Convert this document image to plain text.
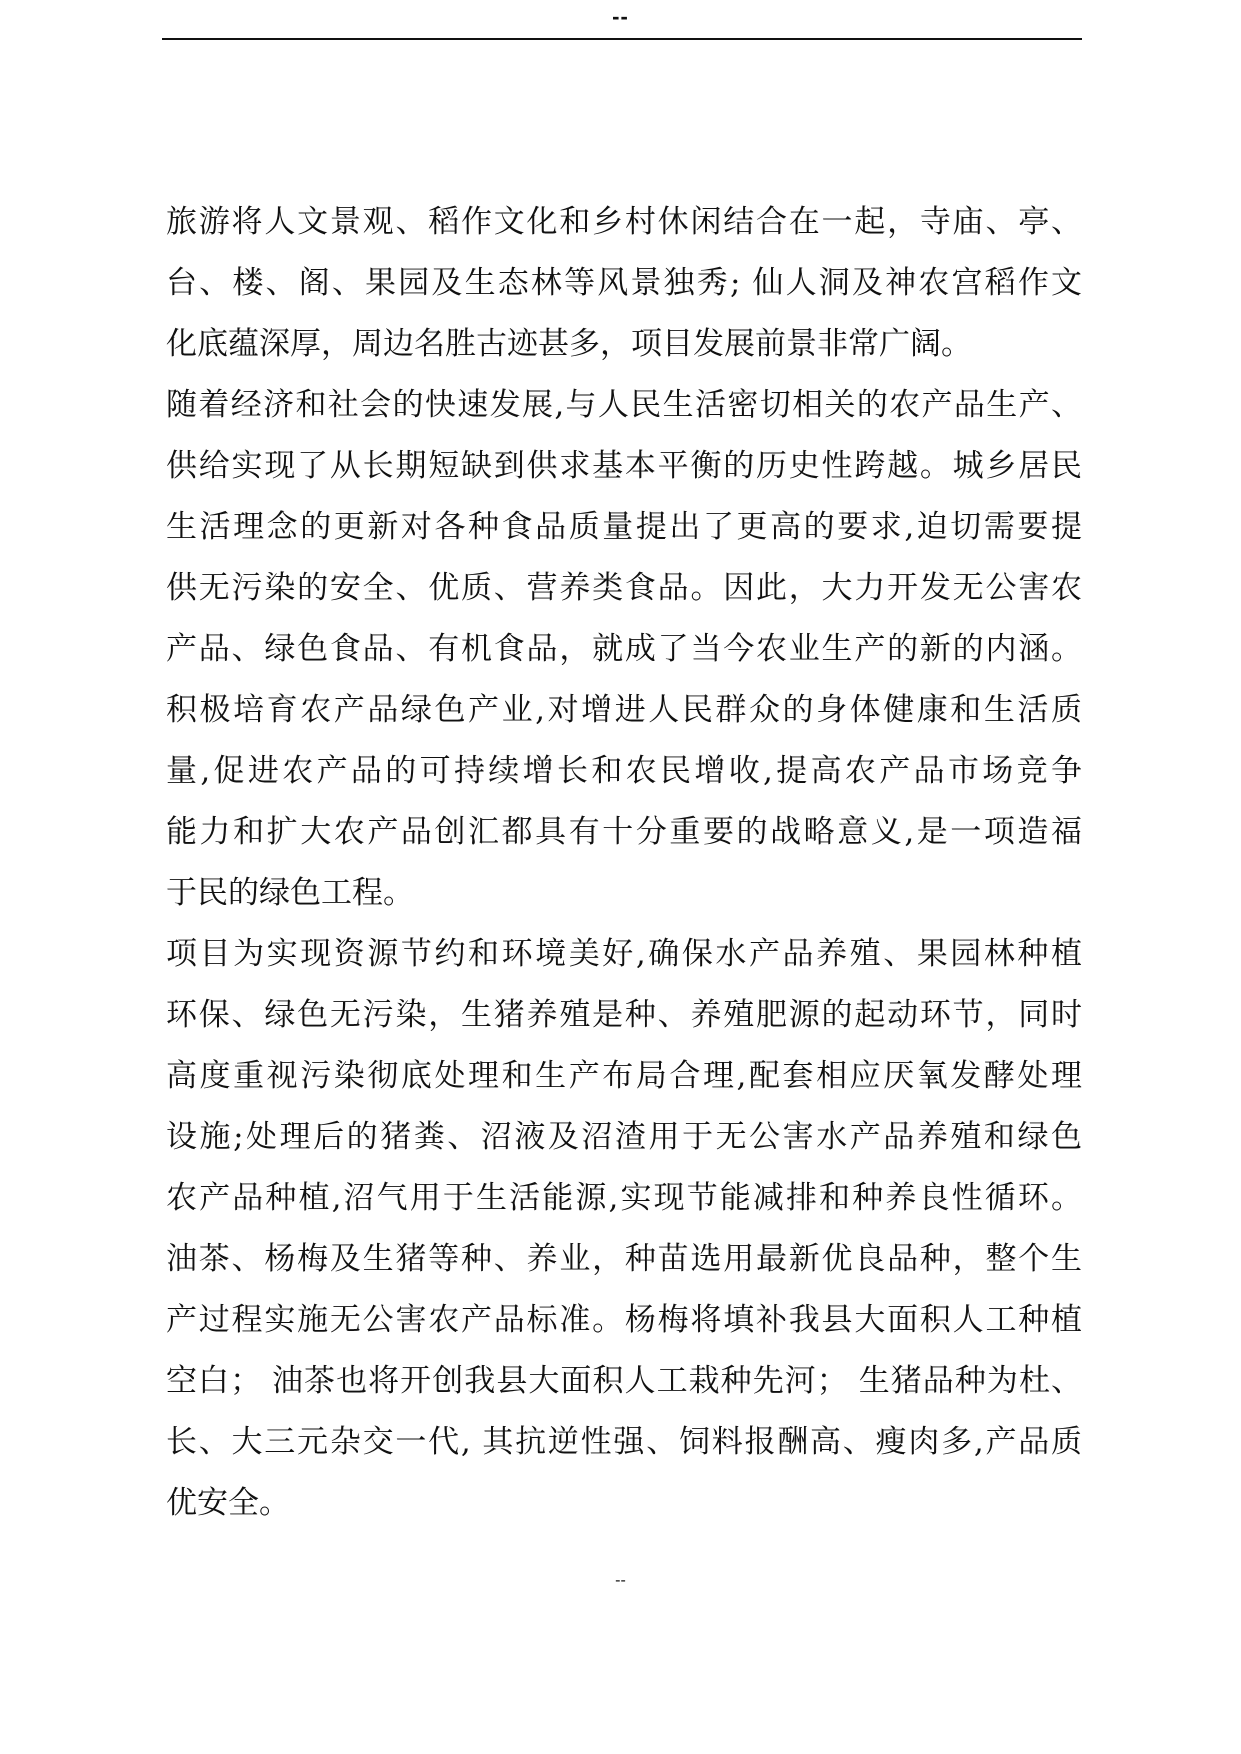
--
旅游将人文景观、稻作文化和乡村休闲结合在一起，寺庙、亭、
台、楼、阁、果园及生态林等风景独秀; 仙人洞及神农宫稻作文
化底蕴深厚，周边名胜古迹甚多，项目发展前景非常广阔。
随着经济和社会的快速发展,与人民生活密切相关的农产品生产、
供给实现了从长期短缺到供求基本平衡的历史性跨越。城乡居民
生活理念的更新对各种食品质量提出了更高的要求,迫切需要提
供无污染的安全、优质、营养类食品。因此，大力开发无公害农
产品、绿色食品、有机食品，就成了当今农业生产的新的内涵。
积极培育农产品绿色产业,对增进人民群众的身体健康和生活质
量,促进农产品的可持续增长和农民增收,提高农产品市场竞争
能力和扩大农产品创汇都具有十分重要的战略意义,是一项造福
于民的绿色工程。
项目为实现资源节约和环境美好,确保水产品养殖、果园林种植
环保、绿色无污染，生猪养殖是种、养殖肥源的起动环节，同时
高度重视污染彻底处理和生产布局合理,配套相应厌氧发酵处理
设施;处理后的猪粪、沼液及沼渣用于无公害水产品养殖和绿色
农产品种植,沼气用于生活能源,实现节能减排和种养良性循环。
油茶、杨梅及生猪等种、养业，种苗选用最新优良品种，整个生
产过程实施无公害农产品标准。杨梅将填补我县大面积人工种植
空白； 油茶也将开创我县大面积人工栽种先河； 生猪品种为杜、
长、大三元杂交一代, 其抗逆性强、饲料报酬高、瘦肉多,产品质
优安全。
--
